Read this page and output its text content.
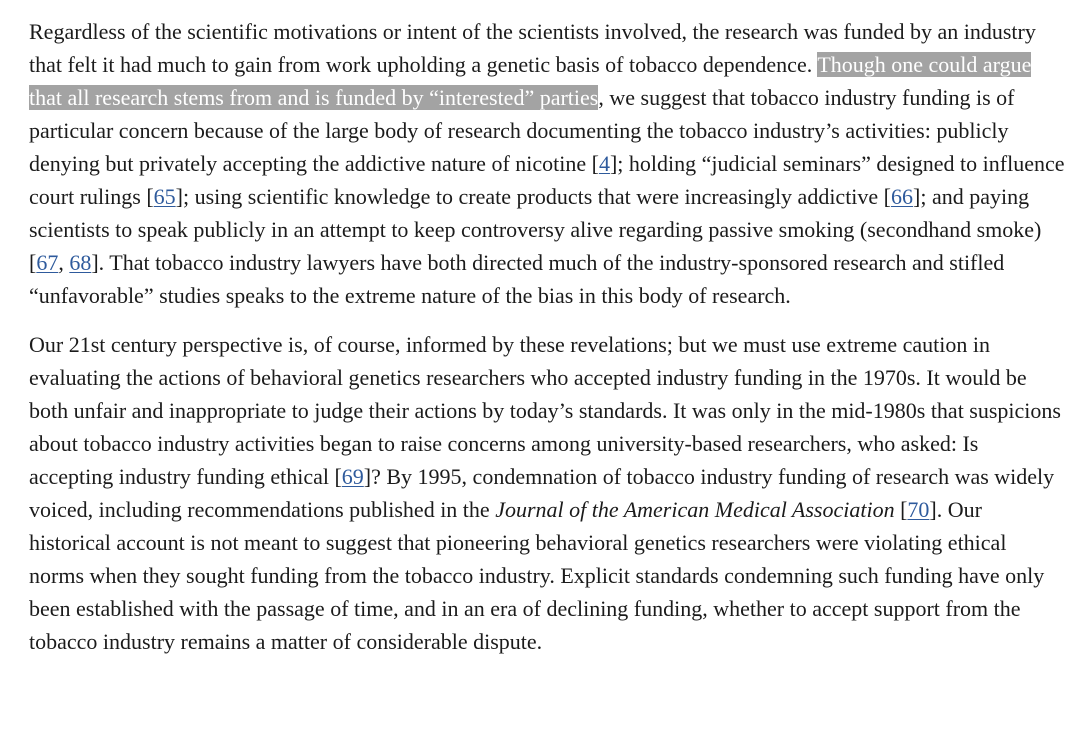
Regardless of the scientific motivations or intent of the scientists involved, the research was funded by an industry that felt it had much to gain from work upholding a genetic basis of tobacco dependence. Though one could argue that all research stems from and is funded by “interested” parties, we suggest that tobacco industry funding is of particular concern because of the large body of research documenting the tobacco industry’s activities: publicly denying but privately accepting the addictive nature of nicotine [4]; holding “judicial seminars” designed to influence court rulings [65]; using scientific knowledge to create products that were increasingly addictive [66]; and paying scientists to speak publicly in an attempt to keep controversy alive regarding passive smoking (secondhand smoke) [67, 68]. That tobacco industry lawyers have both directed much of the industry-sponsored research and stifled “unfavorable” studies speaks to the extreme nature of the bias in this body of research.

Our 21st century perspective is, of course, informed by these revelations; but we must use extreme caution in evaluating the actions of behavioral genetics researchers who accepted industry funding in the 1970s. It would be both unfair and inappropriate to judge their actions by today’s standards. It was only in the mid-1980s that suspicions about tobacco industry activities began to raise concerns among university-based researchers, who asked: Is accepting industry funding ethical [69]? By 1995, condemnation of tobacco industry funding of research was widely voiced, including recommendations published in the Journal of the American Medical Association [70]. Our historical account is not meant to suggest that pioneering behavioral genetics researchers were violating ethical norms when they sought funding from the tobacco industry. Explicit standards condemning such funding have only been established with the passage of time, and in an era of declining funding, whether to accept support from the tobacco industry remains a matter of considerable dispute.
